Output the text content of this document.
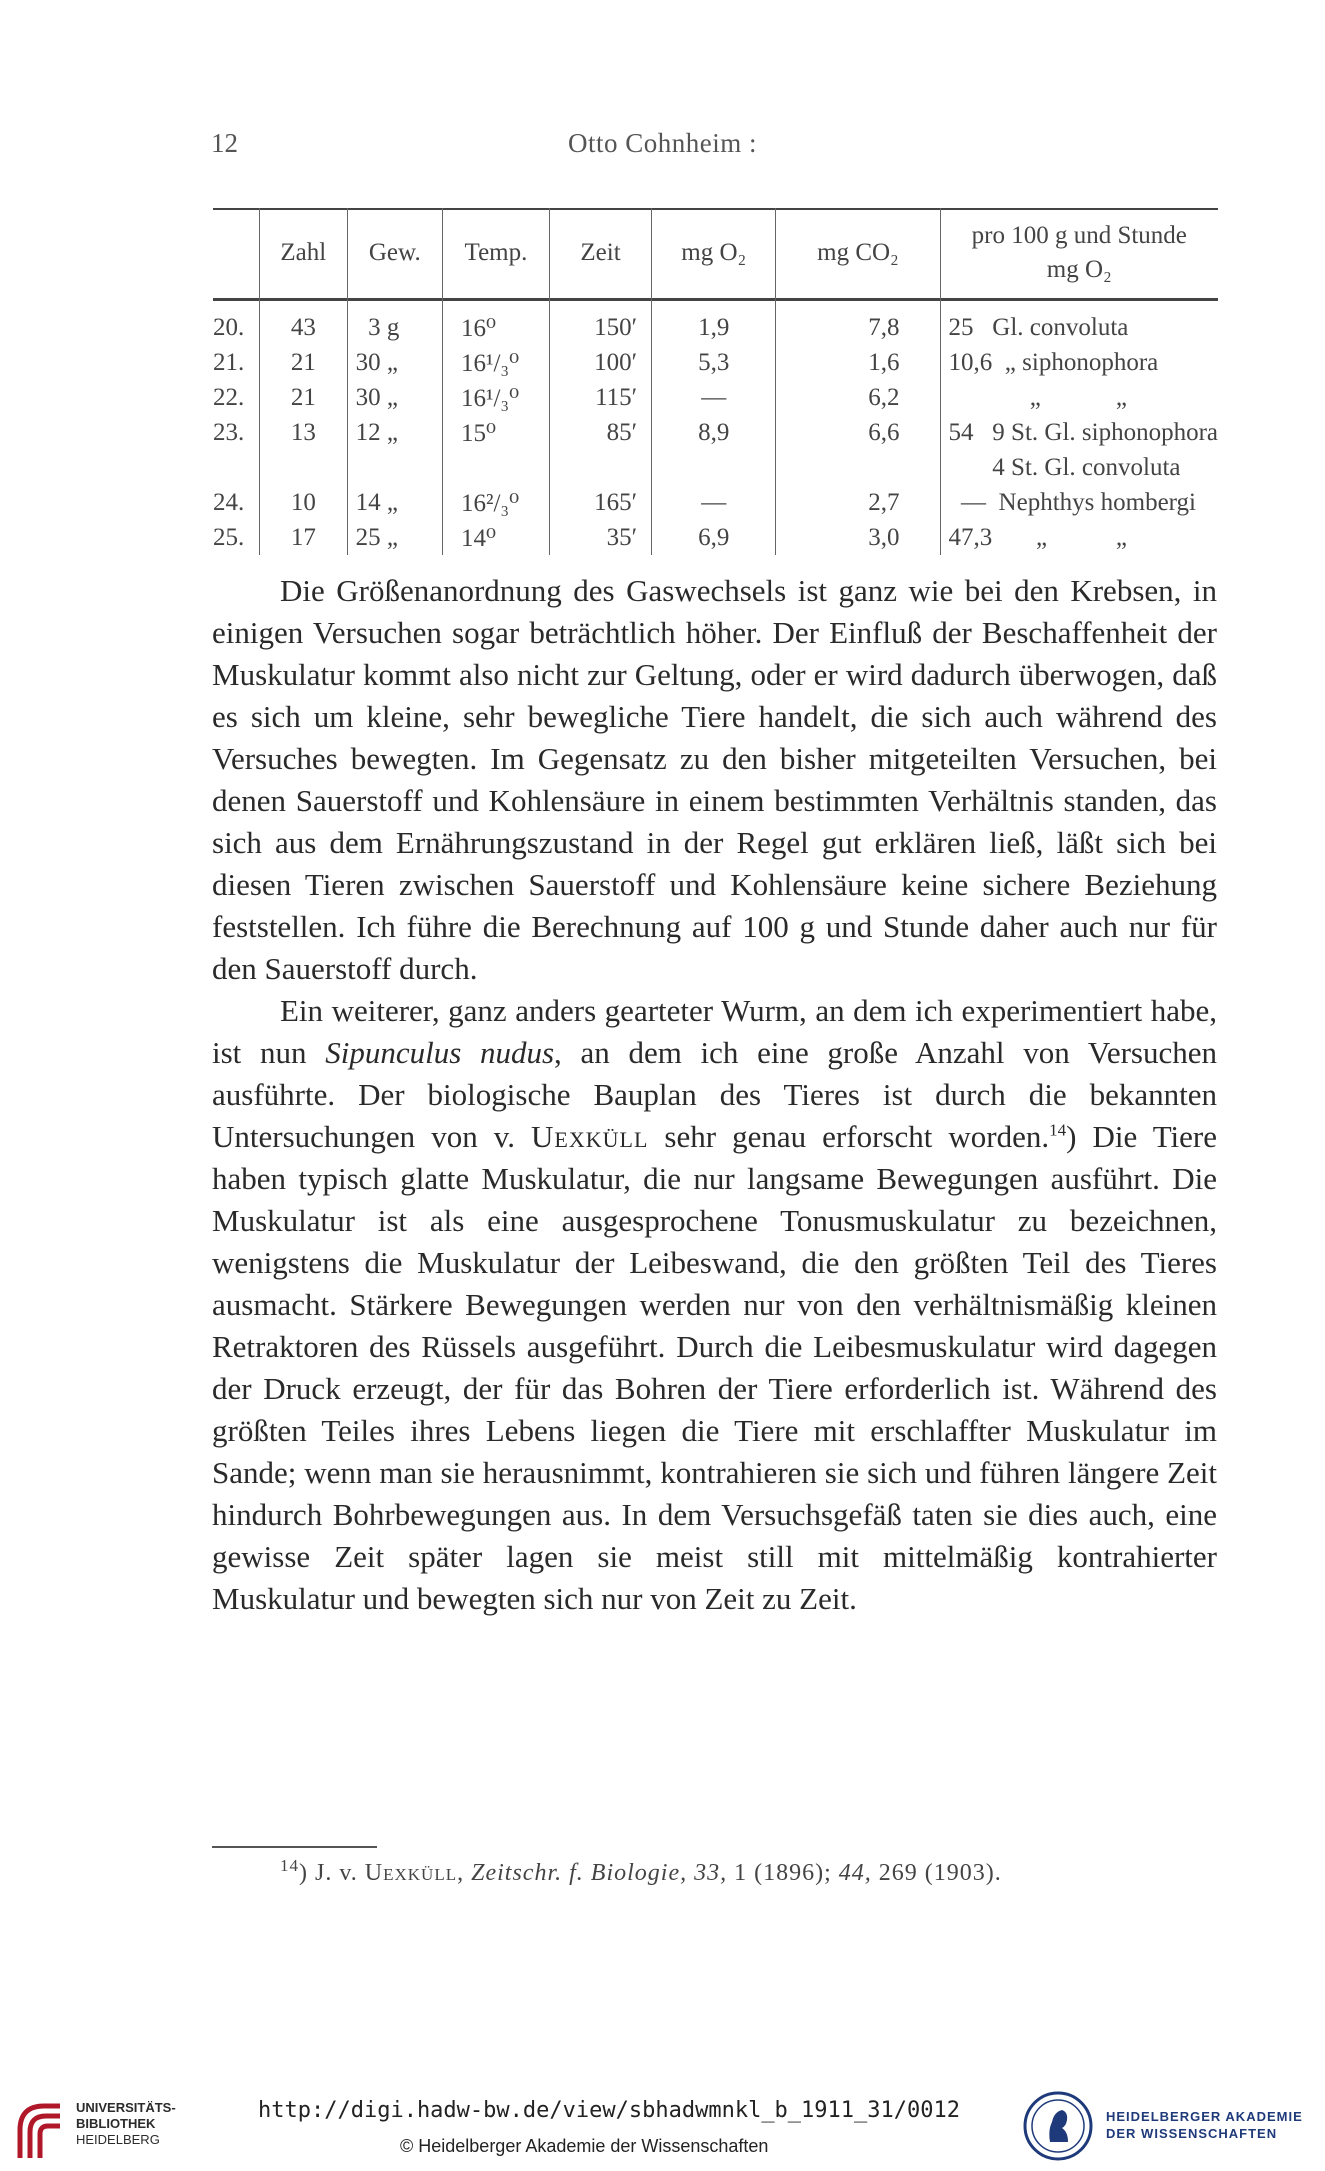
12	Otto Cohnheim :
	Zahl	Gew.	Temp.	Zeit	mg O₂	mg CO₂	pro 100 g und Stunde
mg O₂

20.	43	3 g	16⁰	150′	1,9	7,8	25   Gl. convoluta
21.	21	30 „	16¹/₃⁰	100′	5,3	1,6	10,6  „ siphonophora
22.	21	30 „	16¹/₃⁰	115′	—	6,2	„            „
23.	13	12 „	15⁰	85′	8,9	6,6	54   9 St. Gl. siphonophora
							4 St. Gl. convoluta
24.	10	14 „	16²/₃⁰	165′	—	2,7	—  Nephthys hombergi
25.	17	25 „	14⁰	35′	6,9	3,0	47,3       „           „

Die Größenanordnung des Gaswechsels ist ganz wie bei den Krebsen, in einigen Versuchen sogar beträchtlich höher. Der Einfluß der Beschaffenheit der Muskulatur kommt also nicht zur Geltung, oder er wird dadurch überwogen, daß es sich um kleine, sehr bewegliche Tiere handelt, die sich auch während des Versuches bewegten. Im Gegensatz zu den bisher mitgeteilten Versuchen, bei denen Sauerstoff und Kohlensäure in einem bestimmten Verhältnis standen, das sich aus dem Ernährungszustand in der Regel gut erklären ließ, läßt sich bei diesen Tieren zwischen Sauerstoff und Kohlensäure keine sichere Beziehung feststellen. Ich führe die Berechnung auf 100 g und Stunde daher auch nur für den Sauerstoff durch.

Ein weiterer, ganz anders gearteter Wurm, an dem ich experimentiert habe, ist nun Sipunculus nudus, an dem ich eine große Anzahl von Versuchen ausführte. Der biologische Bauplan des Tieres ist durch die bekannten Untersuchungen von v. Uexküll sehr genau erforscht worden.$^{14}$) Die Tiere haben typisch glatte Muskulatur, die nur langsame Bewegungen ausführt. Die Muskulatur ist als eine ausgesprochene Tonusmuskulatur zu bezeichnen, wenigstens die Muskulatur der Leibeswand, die den größten Teil des Tieres ausmacht. Stärkere Bewegungen werden nur von den verhältnismäßig kleinen Retraktoren des Rüssels ausgeführt. Durch die Leibesmuskulatur wird dagegen der Druck erzeugt, der für das Bohren der Tiere erforderlich ist. Während des größten Teiles ihres Lebens liegen die Tiere mit erschlaffter Muskulatur im Sande; wenn man sie herausnimmt, kontrahieren sie sich und führen längere Zeit hindurch Bohrbewegungen aus. In dem Versuchsgefäß taten sie dies auch, eine gewisse Zeit später lagen sie meist still mit mittelmäßig kontrahierter Muskulatur und bewegten sich nur von Zeit zu Zeit.

$^{14}$) J. v. Uexküll, Zeitschr. f. Biologie, 33, 1 (1896); 44, 269 (1903).
UNIVERSITÄTS-
BIBLIOTHEK
HEIDELBERG
http://digi.hadw-bw.de/view/sbhadwmnkl_b_1911_31/0012
© Heidelberger Akademie der Wissenschaften
HEIDELBERGER AKADEMIE
DER WISSENSCHAFTEN
